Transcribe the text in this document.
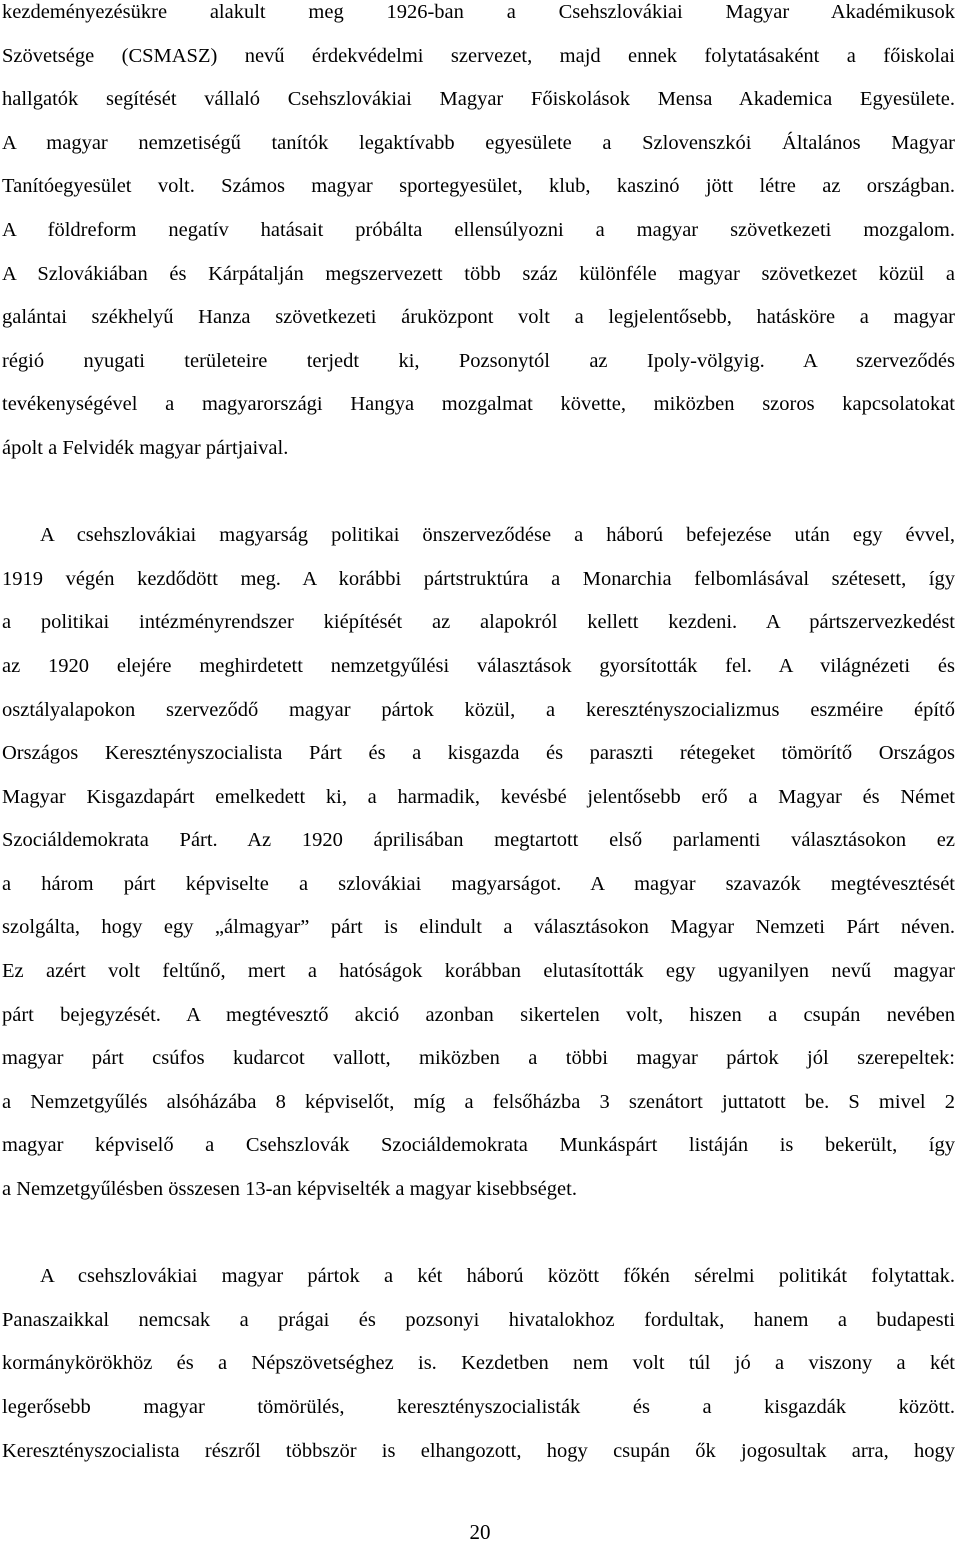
kezdeményezésükre alakult meg 1926-ban a Csehszlovákiai Magyar Akadémikusok
Szövetsége (CSMASZ) nevű érdekvédelmi szervezet, majd ennek folytatásaként a főiskolai
hallgatók segítését vállaló Csehszlovákiai Magyar Főiskolások Mensa Akademica Egyesülete.
A magyar nemzetiségű tanítók legaktívabb egyesülete a Szlovenszkói Általános Magyar
Tanítóegyesület volt. Számos magyar sportegyesület, klub, kaszinó jött létre az országban.
A földreform negatív hatásait próbálta ellensúlyozni a magyar szövetkezeti mozgalom.
A Szlovákiában és Kárpátalján megszervezett több száz különféle magyar szövetkezet közül a
galántai székhelyű Hanza szövetkezeti áruközpont volt a legjelentősebb, hatásköre a magyar
régió nyugati területeire terjedt ki, Pozsonytól az Ipoly-völgyig. A szerveződés
tevékenységével a magyarországi Hangya mozgalmat követte, miközben szoros kapcsolatokat
ápolt a Felvidék magyar pártjaival.
A csehszlovákiai magyarság politikai önszerveződése a háború befejezése után egy évvel,
1919 végén kezdődött meg. A korábbi pártstruktúra a Monarchia felbomlásával szétesett, így
a politikai intézményrendszer kiépítését az alapokról kellett kezdeni. A pártszervezkedést
az 1920 elejére meghirdetett nemzetgyűlési választások gyorsították fel. A világnézeti és
osztályalapokon szerveződő magyar pártok közül, a keresztényszocializmus eszméire építő
Országos Keresztényszocialista Párt és a kisgazda és paraszti rétegeket tömörítő Országos
Magyar Kisgazdapárt emelkedett ki, a harmadik, kevésbé jelentősebb erő a Magyar és Német
Szociáldemokrata Párt. Az 1920 áprilisában megtartott első parlamenti választásokon ez
a három párt képviselte a szlovákiai magyarságot. A magyar szavazók megtévesztését
szolgálta, hogy egy „álmagyar” párt is elindult a választásokon Magyar Nemzeti Párt néven.
Ez azért volt feltűnő, mert a hatóságok korábban elutasították egy ugyanilyen nevű magyar
párt bejegyzését. A megtévesztő akció azonban sikertelen volt, hiszen a csupán nevében
magyar párt csúfos kudarcot vallott, miközben a többi magyar pártok jól szerepeltek:
a Nemzetgyűlés alsóházába 8 képviselőt, míg a felsőházba 3 szenátort juttatott be. S mivel 2
magyar képviselő a Csehszlovák Szociáldemokrata Munkáspárt listáján is bekerült, így
a Nemzetgyűlésben összesen 13-an képviselték a magyar kisebbséget.
A csehszlovákiai magyar pártok a két háború között főkén sérelmi politikát folytattak.
Panaszaikkal nemcsak a prágai és pozsonyi hivatalokhoz fordultak, hanem a budapesti
kormánykörökhöz és a Népszövetséghez is. Kezdetben nem volt túl jó a viszony a két
legerősebb magyar tömörülés, keresztényszocialisták és a kisgazdák között.
Keresztényszocialista részről többször is elhangozott, hogy csupán ők jogosultak arra, hogy
20
